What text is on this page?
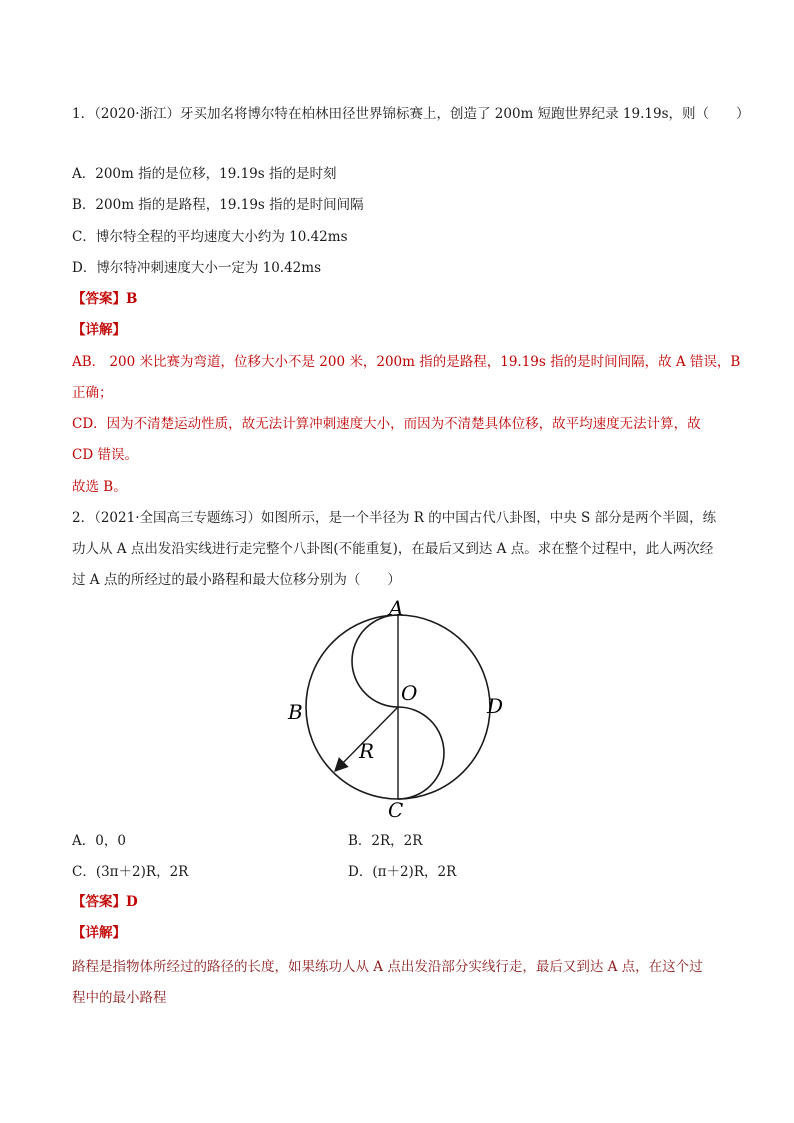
1．（2020·浙江）牙买加名将博尔特在柏林田径世界锦标赛上，创造了 200m 短跑世界纪录 19.19s，则（　　）
A．200m 指的是位移，19.19s 指的是时刻
B．200m 指的是路程，19.19s 指的是时间间隔
C．博尔特全程的平均速度大小约为 10.42ms
D．博尔特冲刺速度大小一定为 10.42ms
【答案】B
【详解】
AB． 200 米比赛为弯道，位移大小不是 200 米，200m 指的是路程，19.19s 指的是时间间隔，故 A 错误，B
正确；
CD．因为不清楚运动性质，故无法计算冲刺速度大小，而因为不清楚具体位移，故平均速度无法计算，故
CD 错误。
故选 B。
2．（2021·全国高三专题练习）如图所示，是一个半径为 R 的中国古代八卦图，中央 S 部分是两个半圆，练
功人从 A 点出发沿实线进行走完整个八卦图(不能重复)，在最后又到达 A 点。求在整个过程中，此人两次经
过 A 点的所经过的最小路程和最大位移分别为（　　）
A
O
B	D
R
C
A．0，0	B．2R，2R
C．(3π＋2)R，2R	D．(π＋2)R，2R
【答案】D
【详解】
路程是指物体所经过的路径的长度，如果练功人从 A 点出发沿部分实线行走，最后又到达 A 点，在这个过
程中的最小路程
